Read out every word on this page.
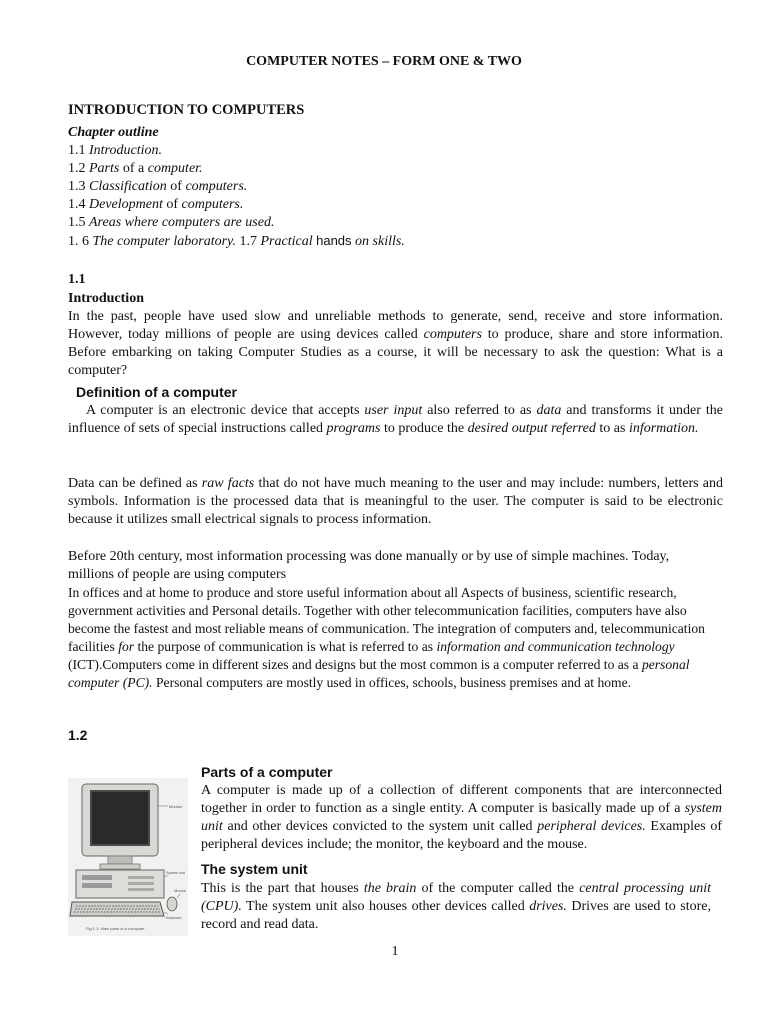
COMPUTER NOTES – FORM ONE & TWO
INTRODUCTION TO COMPUTERS
Chapter outline
1.1 Introduction.
1.2 Parts of a computer.
1.3 Classification of computers.
1.4 Development of computers.
1.5 Areas where computers are used.
1. 6 The computer laboratory. 1.7 Practical hands on skills.
1.1
Introduction

In the past, people have used slow and unreliable methods to generate, send, receive and store information. However, today millions of people are using devices called computers to produce, share and store information. Before embarking on taking Computer Studies as a course, it will be necessary to ask the question: What is a computer?

Definition of a computer

A computer is an electronic device that accepts user input also referred to as data and transforms it under the influence of sets of special instructions called programs to produce the desired output referred to as information.

Data can be defined as raw facts that do not have much meaning to the user and may include: numbers, letters and symbols. Information is the processed data that is meaningful to the user. The computer is said to be electronic because it utilizes small electrical signals to process information.

Before 20th century, most information processing was done manually or by use of simple machines. Today,
millions of people are using computers

In offices and at home to produce and store useful information about all Aspects of business, scientific research, government activities and Personal details. Together with other telecommunication facilities, computers have also become the fastest and most reliable means of communication. The integration of computers and, telecommunication facilities for the purpose of communication is what is referred to as information and communication technology (ICT).Computers come in different sizes and designs but the most common is a computer referred to as a personal computer (PC). Personal computers are mostly used in offices, schools, business premises and at home.

1.2
Parts of a computer

A computer is made up of a collection of different components that are interconnected together in order to function as a single entity. A computer is basically made up of a system unit and other devices convicted to the system unit called peripheral devices. Examples of peripheral devices include; the monitor, the keyboard and the mouse.

The system unit

This is the part that houses the brain of the computer called the central processing unit (CPU). The system unit also houses other devices called drives. Drives are used to store, record and read data.

Monitor
System unit
Mouse
Keyboard
Fig 1.1: Main parts of a computer
1
